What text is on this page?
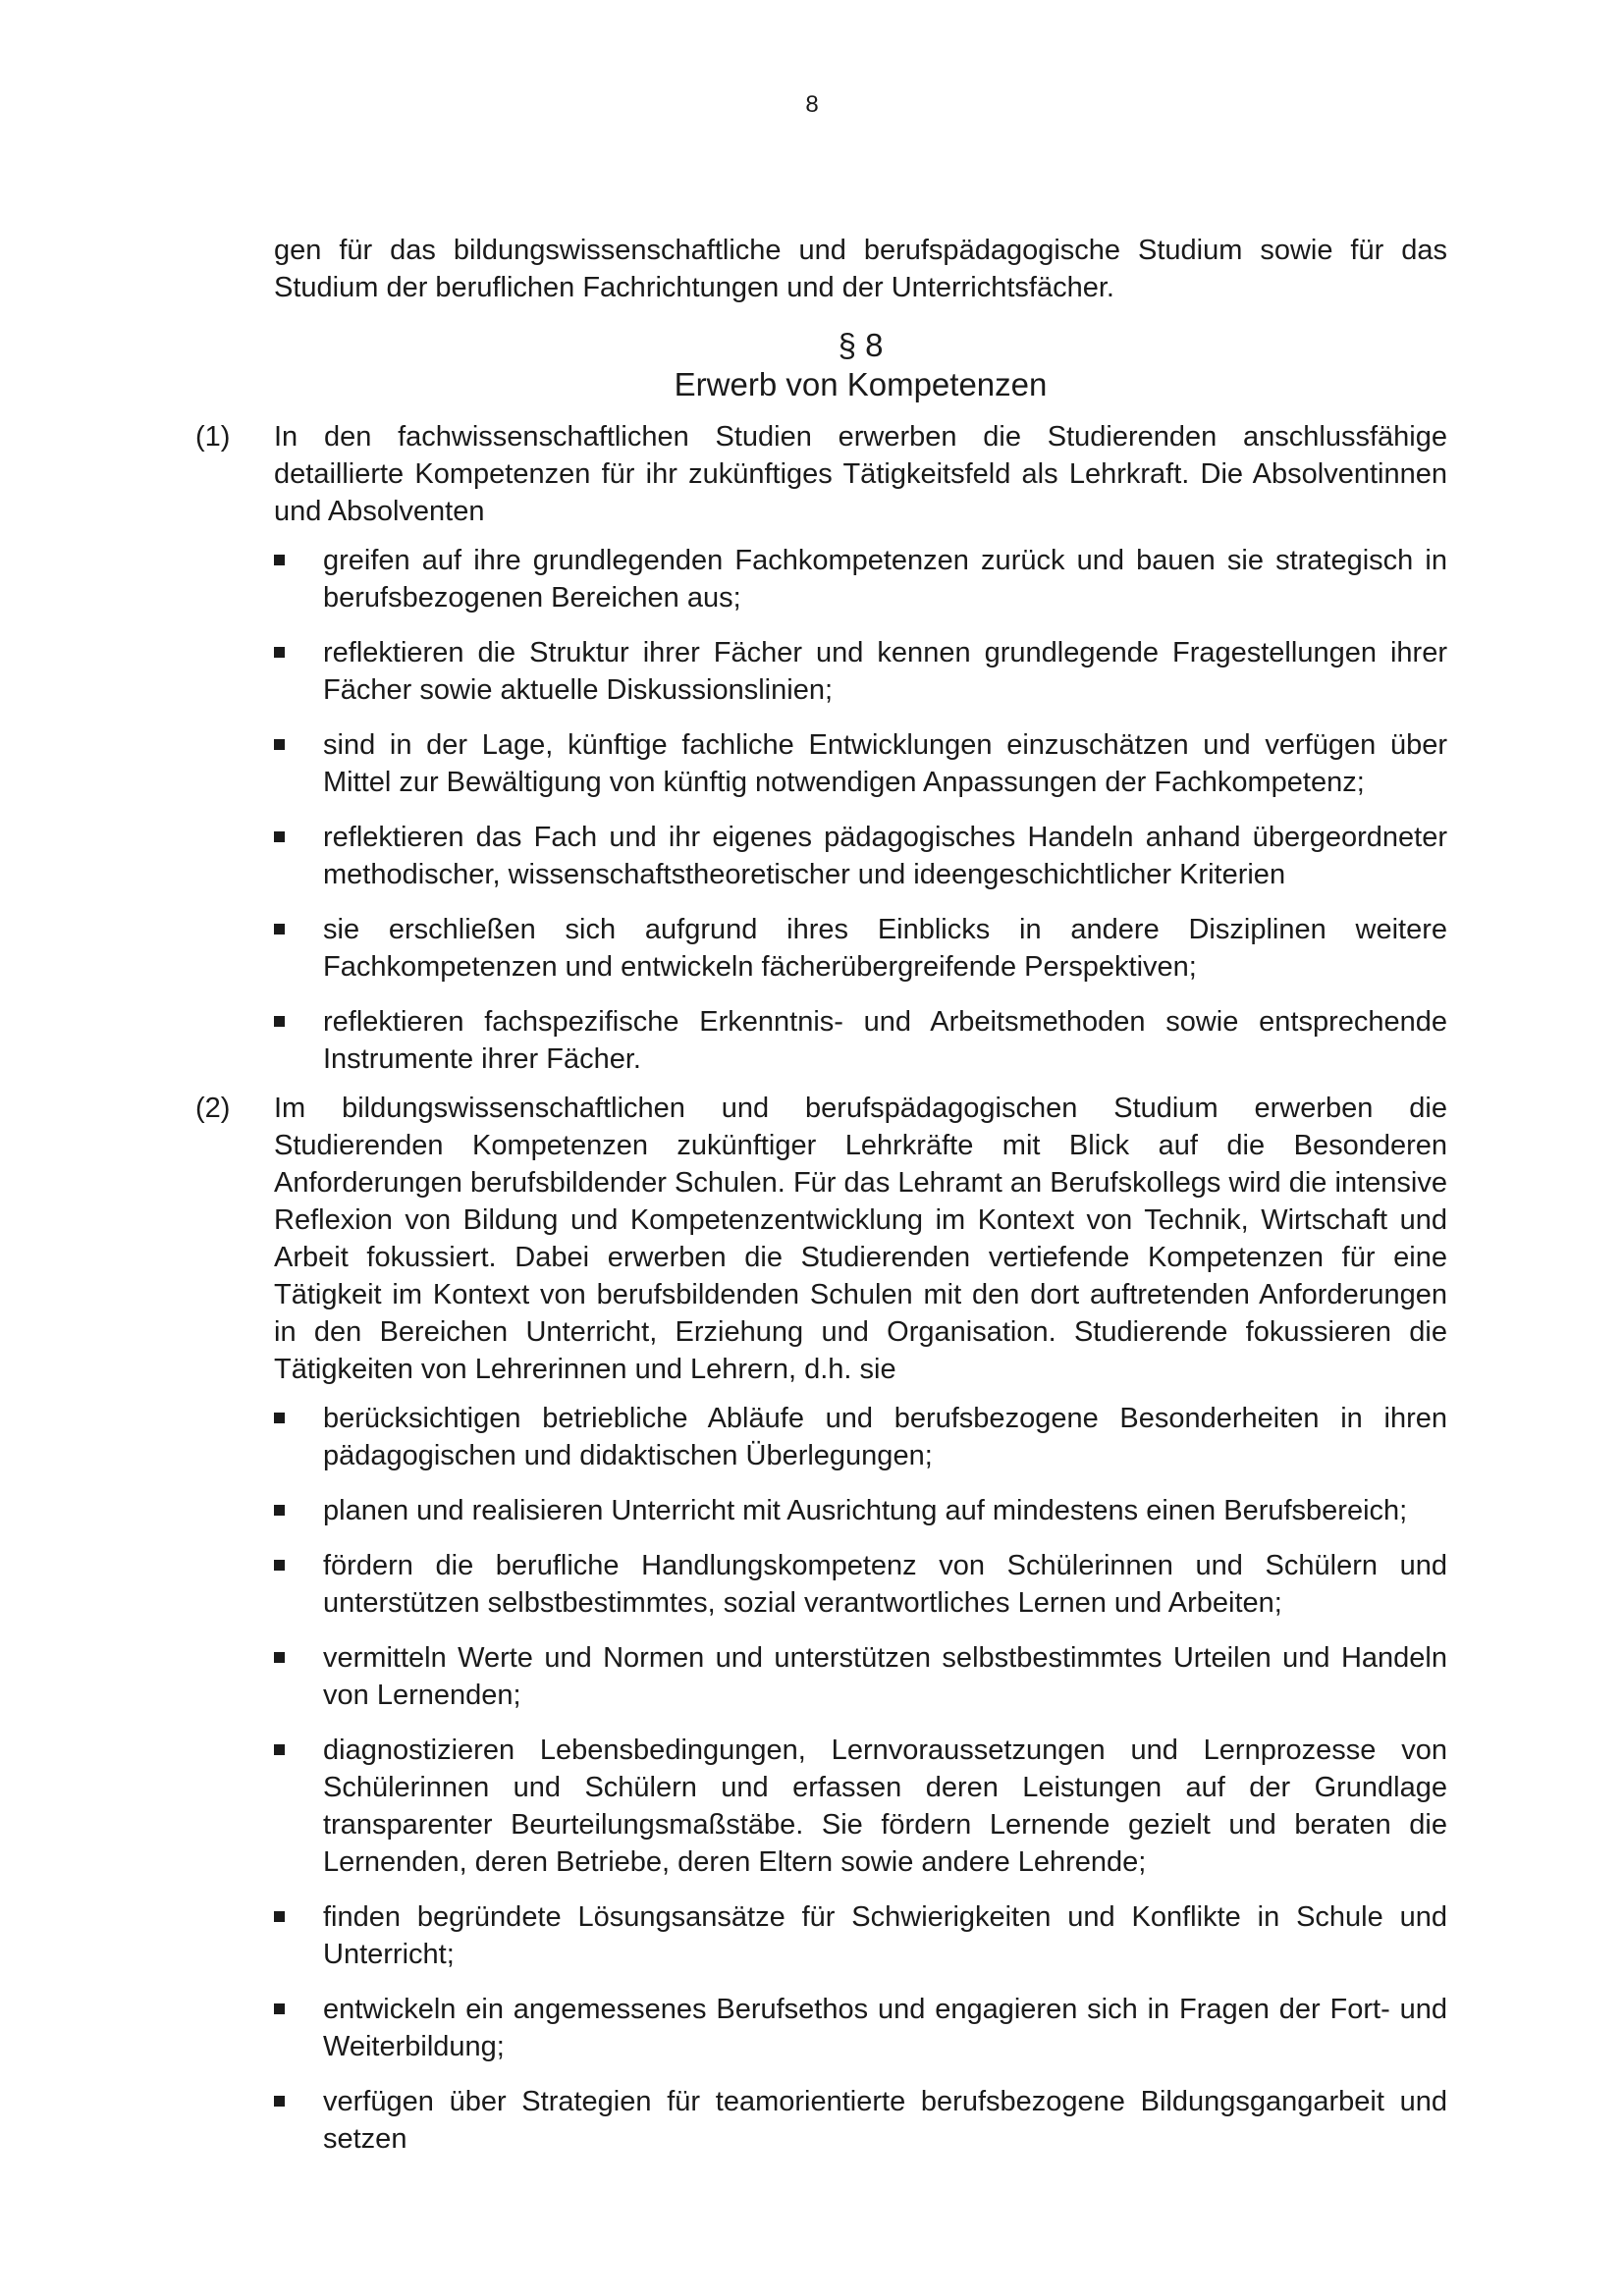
8

gen für das bildungswissenschaftliche und berufspädagogische Studium sowie für das Studium der beruflichen Fachrichtungen und der Unterrichtsfächer.

§ 8
Erwerb von Kompetenzen
(1) In den fachwissenschaftlichen Studien erwerben die Studierenden anschlussfähige detaillierte Kompetenzen für ihr zukünftiges Tätigkeitsfeld als Lehrkraft. Die Absolventinnen und Absolventen

greifen auf ihre grundlegenden Fachkompetenzen zurück und bauen sie strategisch in berufsbezogenen Bereichen aus;
reflektieren die Struktur ihrer Fächer und kennen grundlegende Fragestellungen ihrer Fächer sowie aktuelle Diskussionslinien;
sind in der Lage, künftige fachliche Entwicklungen einzuschätzen und verfügen über Mittel zur Bewältigung von künftig notwendigen Anpassungen der Fachkompetenz;
reflektieren das Fach und ihr eigenes pädagogisches Handeln anhand übergeordneter methodischer, wissenschaftstheoretischer und ideengeschichtlicher Kriterien
sie erschließen sich aufgrund ihres Einblicks in andere Disziplinen weitere Fachkompetenzen und entwickeln fächerübergreifende Perspektiven;
reflektieren fachspezifische Erkenntnis- und Arbeitsmethoden sowie entsprechende Instrumente ihrer Fächer.
(2) Im bildungswissenschaftlichen und berufspädagogischen Studium erwerben die Studierenden Kompetenzen zukünftiger Lehrkräfte mit Blick auf die Besonderen Anforderungen berufsbildender Schulen. Für das Lehramt an Berufskollegs wird die intensive Reflexion von Bildung und Kompetenzentwicklung im Kontext von Technik, Wirtschaft und Arbeit fokussiert. Dabei erwerben die Studierenden vertiefende Kompetenzen für eine Tätigkeit im Kontext von berufsbildenden Schulen mit den dort auftretenden Anforderungen in den Bereichen Unterricht, Erziehung und Organisation. Studierende fokussieren die Tätigkeiten von Lehrerinnen und Lehrern, d.h. sie

berücksichtigen betriebliche Abläufe und berufsbezogene Besonderheiten in ihren pädagogischen und didaktischen Überlegungen;
planen und realisieren Unterricht mit Ausrichtung auf mindestens einen Berufsbereich;
fördern die berufliche Handlungskompetenz von Schülerinnen und Schülern und unterstützen selbstbestimmtes, sozial verantwortliches Lernen und Arbeiten;
vermitteln Werte und Normen und unterstützen selbstbestimmtes Urteilen und Handeln von Lernenden;
diagnostizieren Lebensbedingungen, Lernvoraussetzungen und Lernprozesse von Schülerinnen und Schülern und erfassen deren Leistungen auf der Grundlage transparenter Beurteilungsmaßstäbe. Sie fördern Lernende gezielt und beraten die Lernenden, deren Betriebe, deren Eltern sowie andere Lehrende;
finden begründete Lösungsansätze für Schwierigkeiten und Konflikte in Schule und Unterricht;
entwickeln ein angemessenes Berufsethos und engagieren sich in Fragen der Fort- und Weiterbildung;
verfügen über Strategien für teamorientierte berufsbezogene Bildungsgangarbeit und setzen
